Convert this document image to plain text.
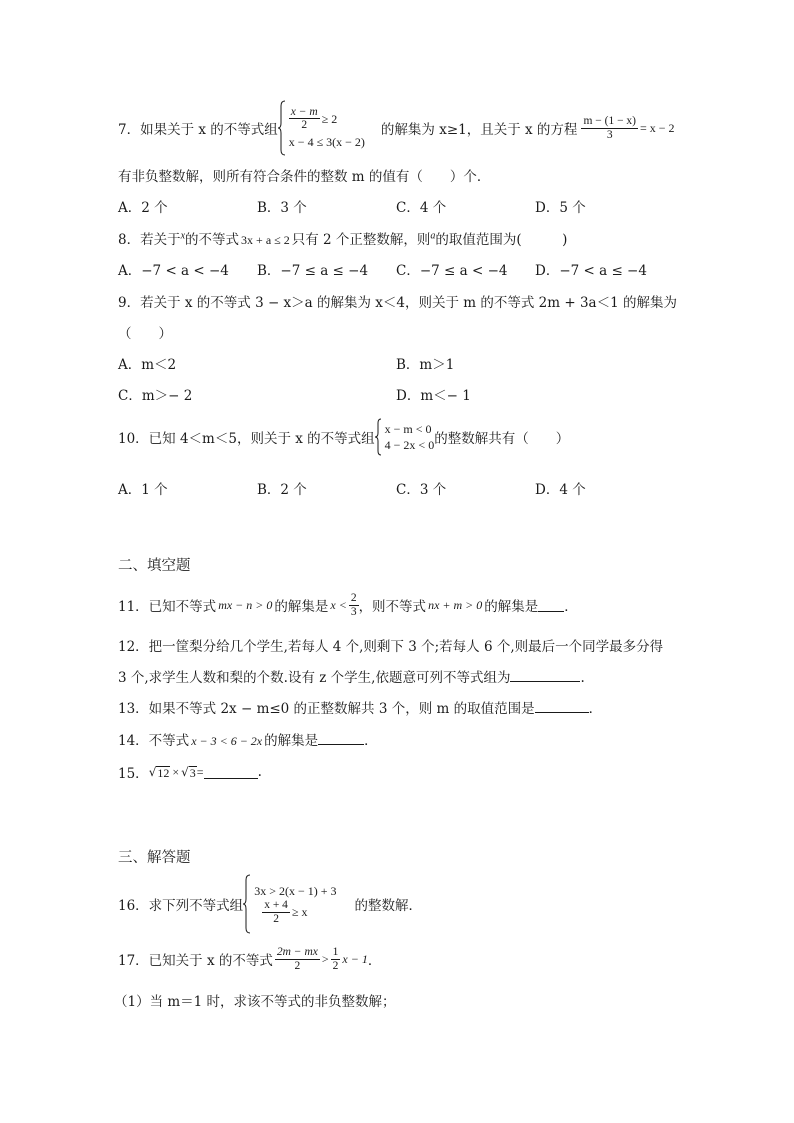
7．如果关于 x 的不等式组 $\frac{x - m}{2} \ge 2$
x − 4 ≤ 3(x − 2)
的解集为 x≥1，且关于 x 的方程 $\frac{m - (1 - x)}{3} = x - 2$
有非负整数解，则所有符合条件的整数 m 的值有（　　）个．
A．2 个	B．3 个	C．4 个	D．5 个
8．若关于$^x$的不等式 3x + a ≤ 2 只有 2 个正整数解，则$^a$的取值范围为(　　　)
A．−7 < a < −4 B．−7 ≤ a ≤ −4 C．−7 ≤ a < −4 D．−7 < a ≤ −4
9．若关于 x 的不等式 3 − x＞a 的解集为 x＜4，则关于 m 的不等式 2m + 3a＜1 的解集为
（　　）
A．m＜2	B．m＞1
C．m＞− 2	D．m＜− 1
10．已知 4＜m＜5，则关于 x 的不等式组
x − m < 0
4 − 2x < 0 的整数解共有（　　）
A．1 个	B．2 个	C．3 个	D．4 个
二、填空题
11．已知不等式 mx − n > 0 的解集是 $x < \frac{2}{3}$ ，则不等式 nx + m > 0 的解集是 ．
12．把一筐梨分给几个学生,若每人 4 个,则剩下 3 个;若每人 6 个,则最后一个同学最多分得
3 个,求学生人数和梨的个数.设有 z 个学生,依题意可列不等式组为	.
13．如果不等式 2x − m≤0 的正整数解共 3 个，则 m 的取值范围是	．
14．不等式 x − 3 < 6 − 2x 的解集是	．
15． √ 12 × √ 3 =	.
三、解答题
16．求下列不等式组
3x > 2(x − 1) + 3
$\frac{x + 4}{2} \ge x$	的整数解．
17．已知关于 x 的不等式 $\frac{2m - mx}{2} > \frac{1}{2}$ x − 1 ．
（1）当 m＝1 时，求该不等式的非负整数解；
